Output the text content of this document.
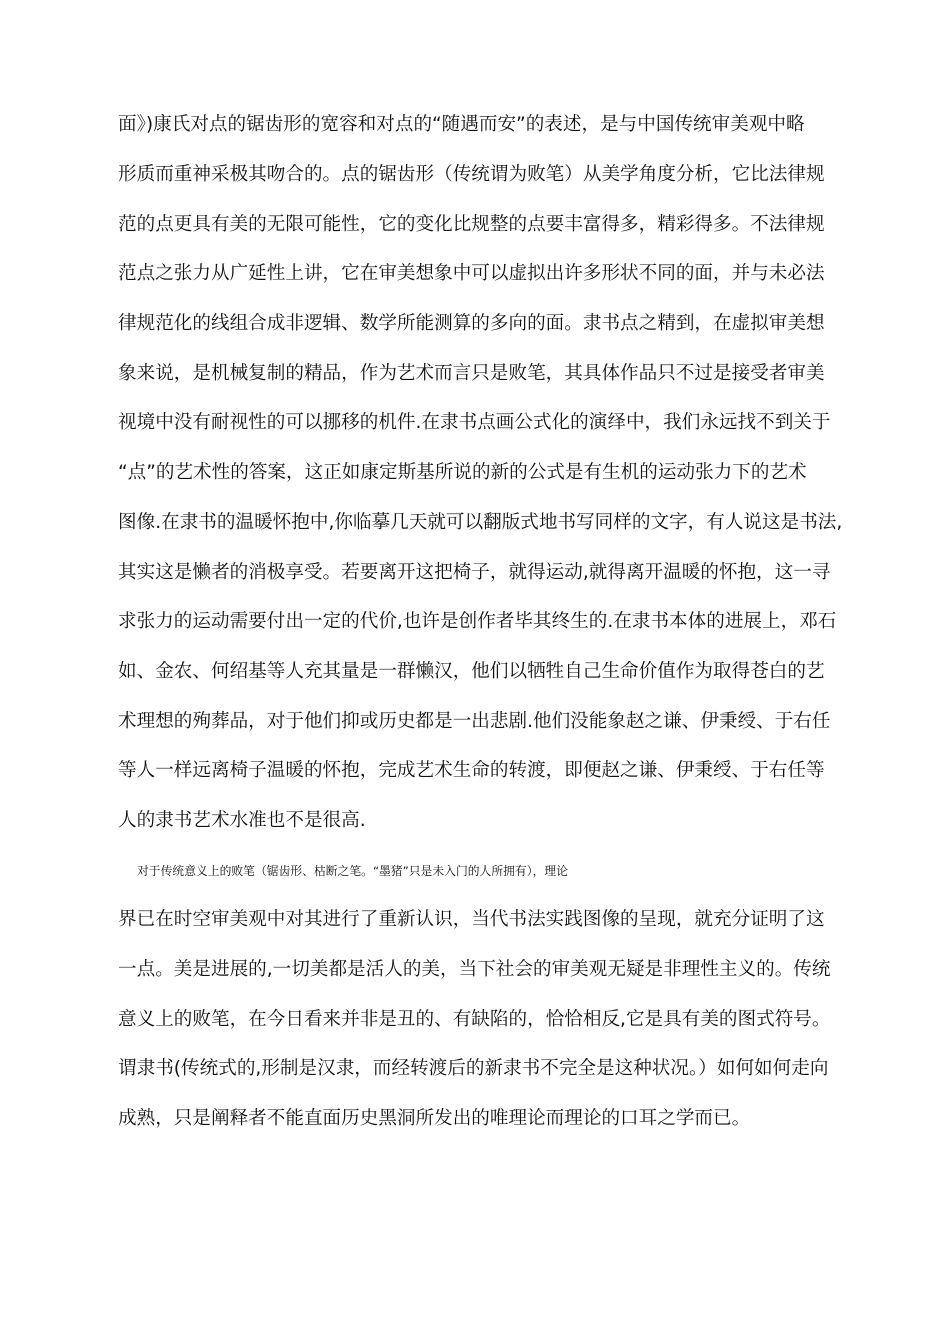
面》)康氏对点的锯齿形的宽容和对点的“随遇而安”的表述，是与中国传统审美观中略
形质而重神采极其吻合的。点的锯齿形（传统谓为败笔）从美学角度分析，它比法律规
范的点更具有美的无限可能性，它的变化比规整的点要丰富得多，精彩得多。不法律规
范点之张力从广延性上讲，它在审美想象中可以虚拟出许多形状不同的面，并与未必法
律规范化的线组合成非逻辑、数学所能测算的多向的面。隶书点之精到，在虚拟审美想
象来说，是机械复制的精品，作为艺术而言只是败笔，其具体作品只不过是接受者审美
视境中没有耐视性的可以挪移的机件.在隶书点画公式化的演绎中，我们永远找不到关于
“点”的艺术性的答案，这正如康定斯基所说的新的公式是有生机的运动张力下的艺术
图像.在隶书的温暖怀抱中,你临摹几天就可以翻版式地书写同样的文字，有人说这是书法,
其实这是懒者的消极享受。若要离开这把椅子，就得运动,就得离开温暖的怀抱，这一寻
求张力的运动需要付出一定的代价,也许是创作者毕其终生的.在隶书本体的进展上，邓石
如、金农、何绍基等人充其量是一群懒汉，他们以牺牲自己生命价值作为取得苍白的艺
术理想的殉葬品，对于他们抑或历史都是一出悲剧.他们没能象赵之谦、伊秉绶、于右任
等人一样远离椅子温暖的怀抱，完成艺术生命的转渡，即便赵之谦、伊秉绶、于右任等
人的隶书艺术水准也不是很高.
对于传统意义上的败笔（锯齿形、枯断之笔。“墨猪”只是未入门的人所拥有），理论
界已在时空审美观中对其进行了重新认识，当代书法实践图像的呈现，就充分证明了这
一点。美是进展的,一切美都是活人的美，当下社会的审美观无疑是非理性主义的。传统
意义上的败笔，在今日看来并非是丑的、有缺陷的，恰恰相反,它是具有美的图式符号。
谓隶书(传统式的,形制是汉隶，而经转渡后的新隶书不完全是这种状况。）如何如何走向
成熟，只是阐释者不能直面历史黑洞所发出的唯理论而理论的口耳之学而已。
